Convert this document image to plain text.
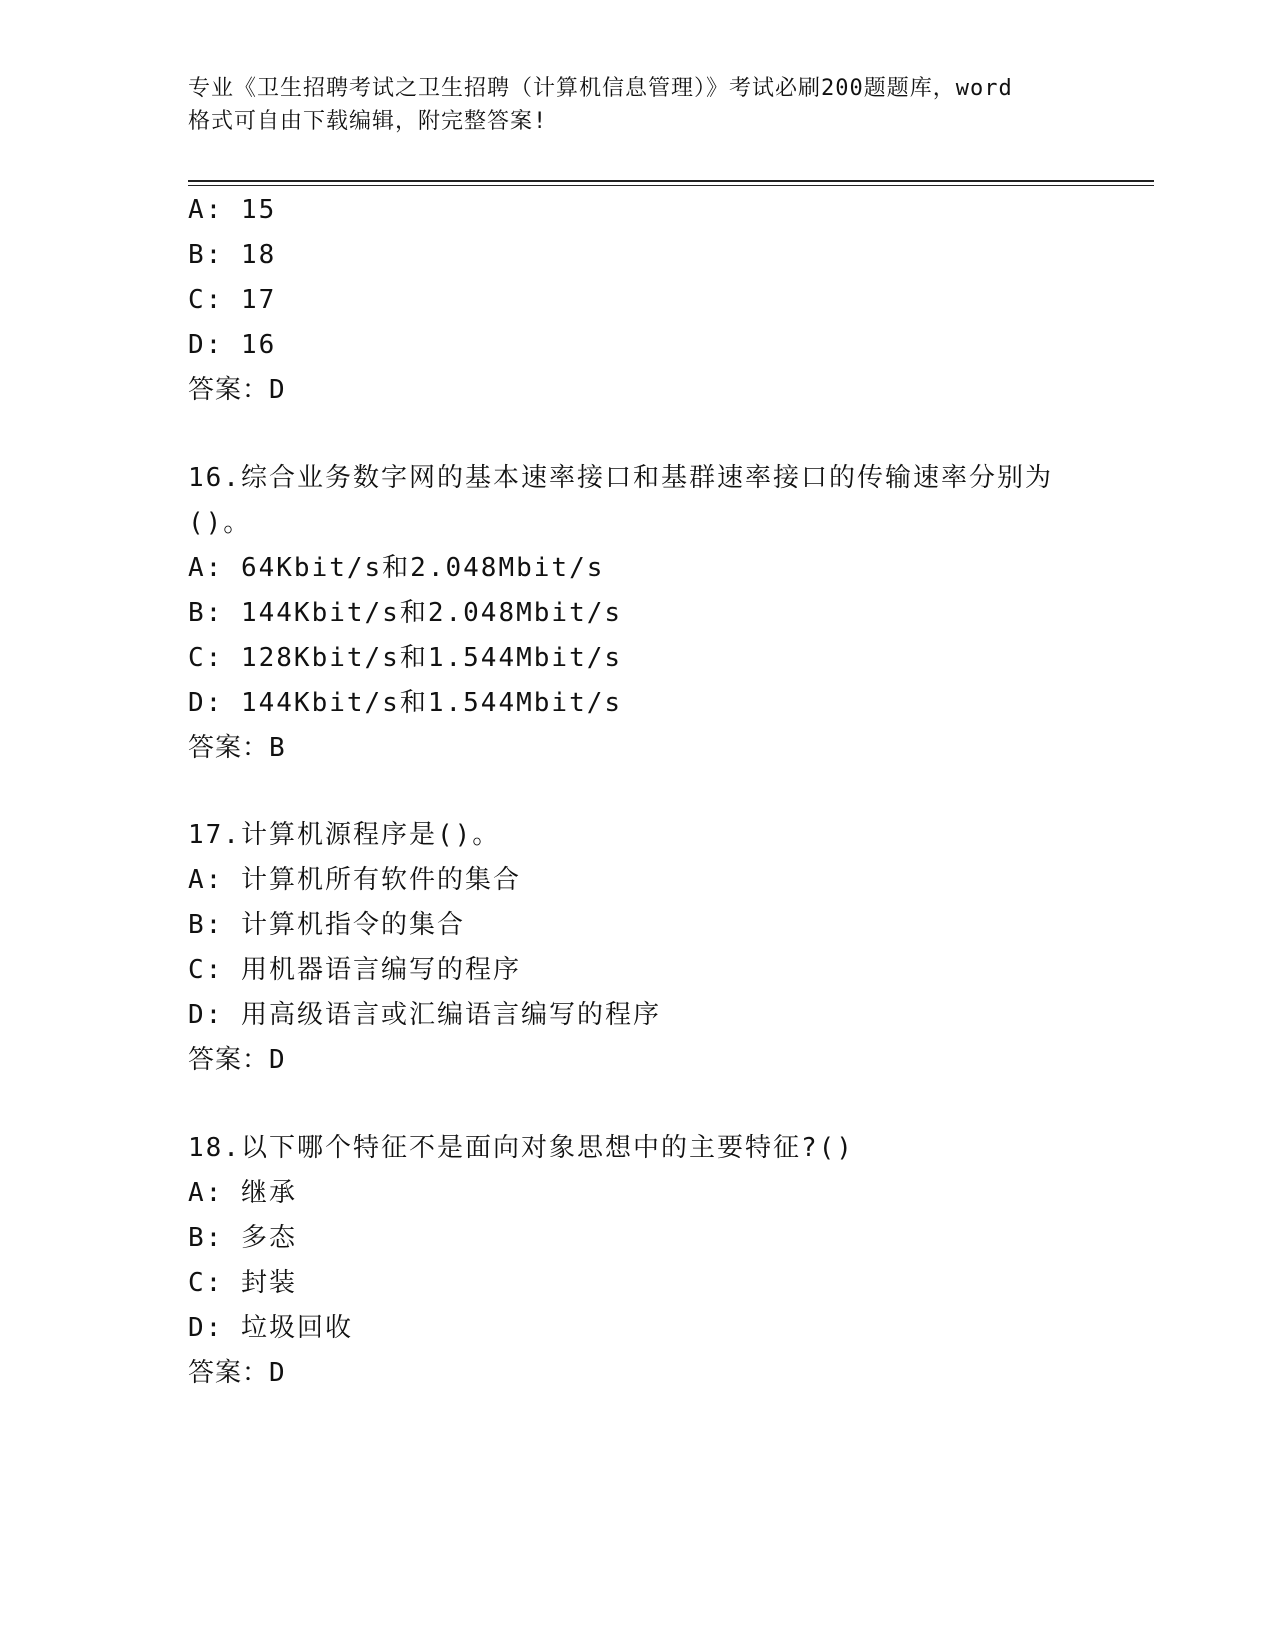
专业《卫生招聘考试之卫生招聘（计算机信息管理）》考试必刷200题题库，word
格式可自由下载编辑，附完整答案!
A: 15
B: 18
C: 17
D: 16
答案：D
16.综合业务数字网的基本速率接口和基群速率接口的传输速率分别为
()。
A: 64Kbit/s和2.048Mbit/s
B: 144Kbit/s和2.048Mbit/s
C: 128Kbit/s和1.544Mbit/s
D: 144Kbit/s和1.544Mbit/s
答案：B
17.计算机源程序是()。
A: 计算机所有软件的集合
B: 计算机指令的集合
C: 用机器语言编写的程序
D: 用高级语言或汇编语言编写的程序
答案：D
18.以下哪个特征不是面向对象思想中的主要特征?()
A: 继承
B: 多态
C: 封装
D: 垃圾回收
答案：D
